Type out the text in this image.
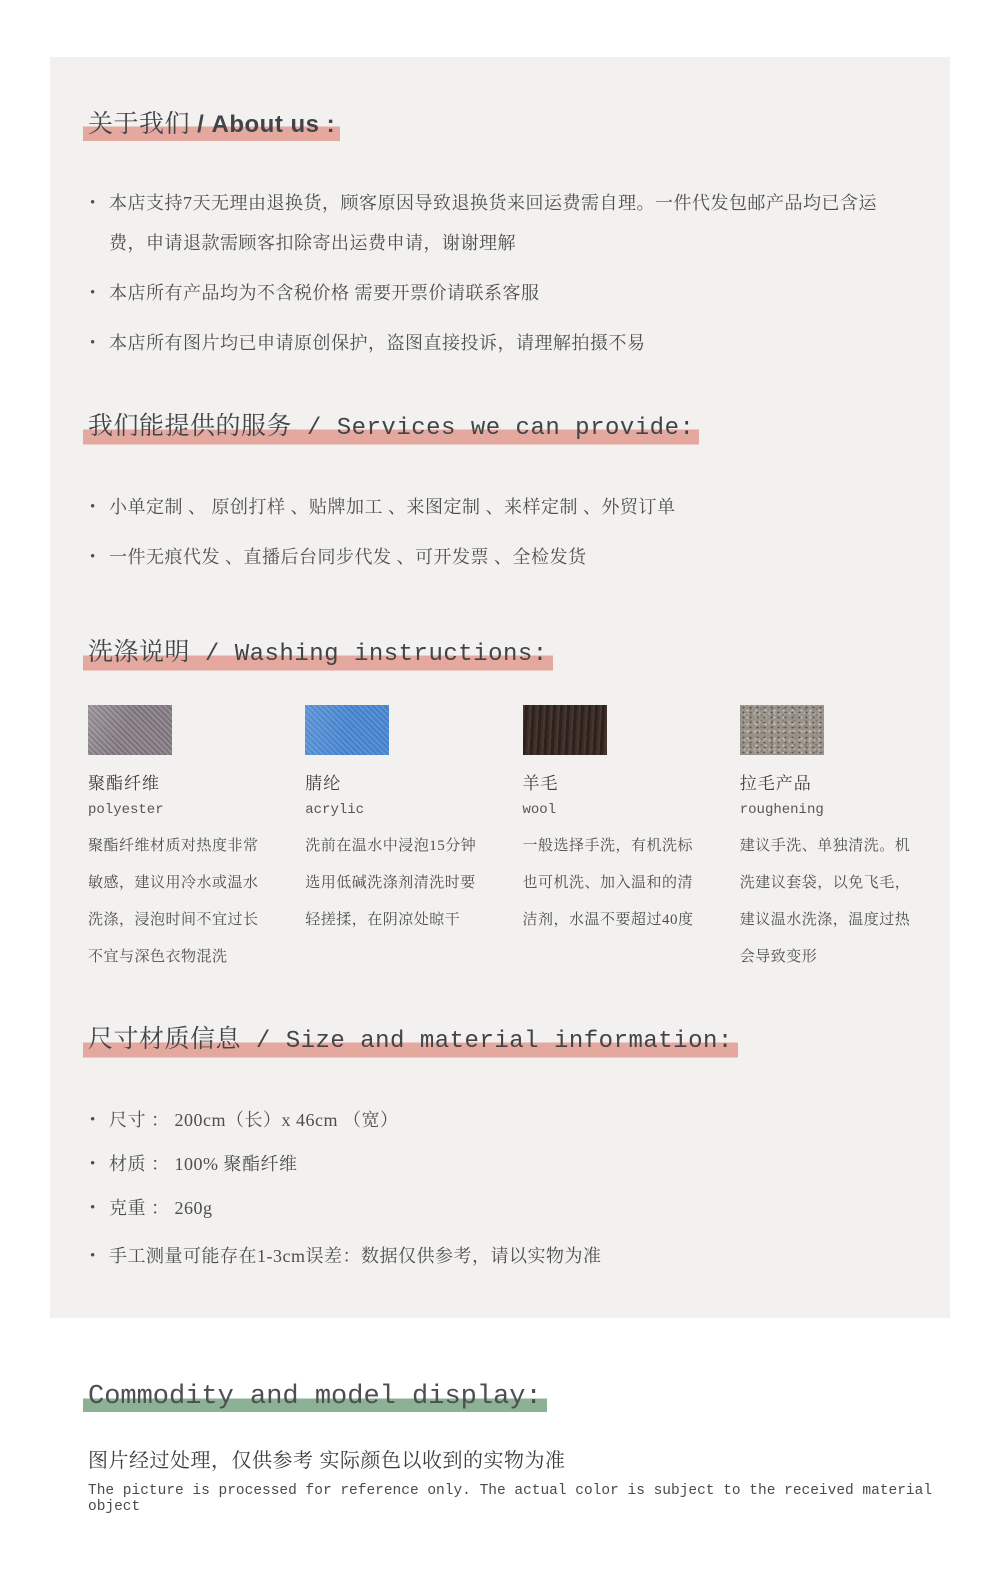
关于我们 / About us :
• 本店支持7天无理由退换货，顾客原因导致退换货来回运费需自理。一件代发包邮产品均已含运费，申请退款需顾客扣除寄出运费申请，谢谢理解
• 本店所有产品均为不含税价格 需要开票价请联系客服
• 本店所有图片均已申请原创保护，盗图直接投诉，请理解拍摄不易
我们能提供的服务 / Services we can provide:
• 小单定制 、 原创打样 、贴牌加工 、来图定制 、来样定制 、外贸订单
• 一件无痕代发 、直播后台同步代发 、可开发票 、全检发货
洗涤说明 / Washing instructions:

聚酯纤维

polyester

聚酯纤维材质对热度非常敏感，建议用冷水或温水洗涤，浸泡时间不宜过长不宜与深色衣物混洗

腈纶

acrylic

洗前在温水中浸泡15分钟选用低碱洗涤剂清洗时要轻搓揉，在阴凉处晾干

羊毛

wool

一般选择手洗，有机洗标也可机洗、加入温和的清洁剂，水温不要超过40度

拉毛产品

roughening

建议手洗、单独清洗。机洗建议套袋，以免飞毛，建议温水洗涤，温度过热会导致变形

尺寸材质信息 / Size and material information:
• 尺寸 ： 200cm（长）x 46cm （宽）
• 材质 ： 100% 聚酯纤维
• 克重 ： 260g
• 手工测量可能存在1-3cm误差：数据仅供参考，请以实物为准
Commodity and model display:

图片经过处理，仅供参考 实际颜色以收到的实物为准

The picture is processed for reference only. The actual color is subject to the received material object
